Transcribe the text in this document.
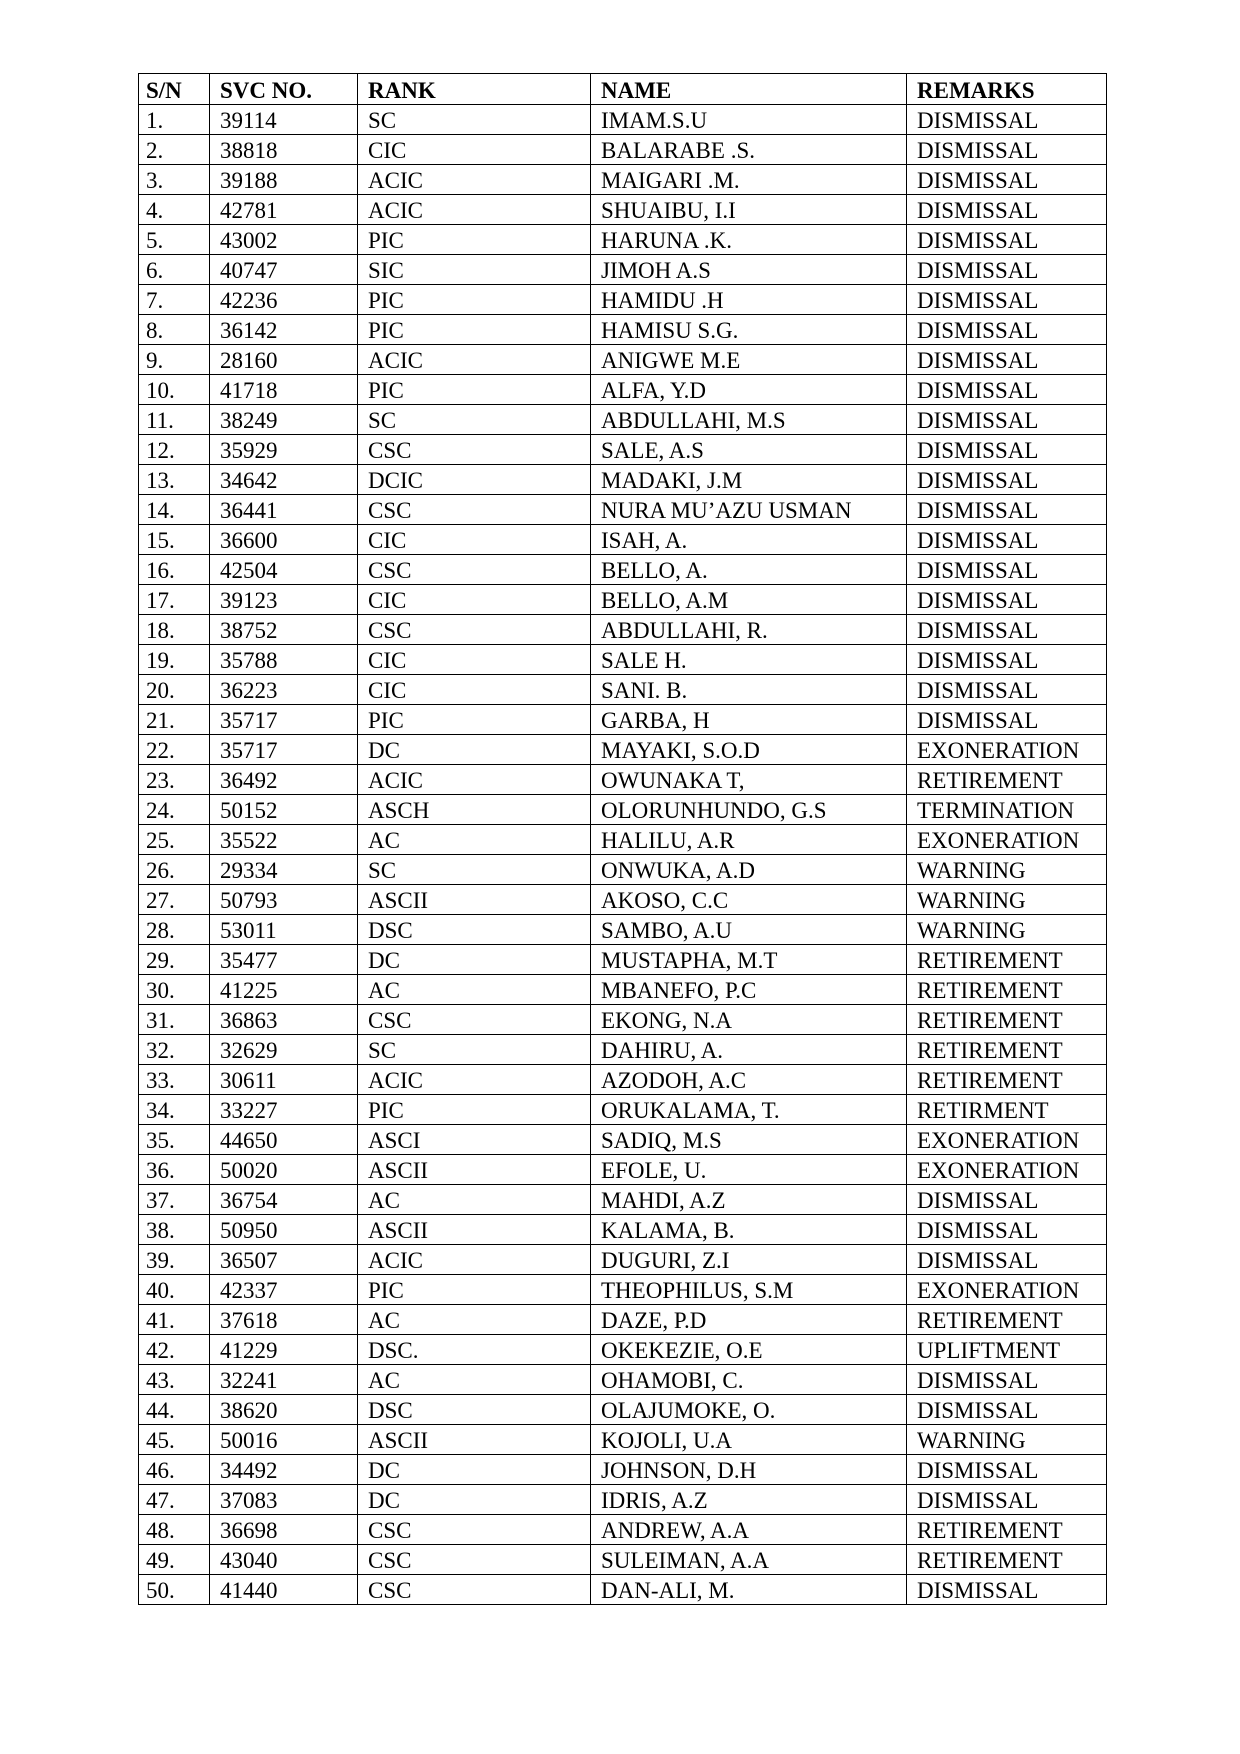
S/N	SVC NO.	RANK	NAME	REMARKS
1.	39114	SC	IMAM.S.U	DISMISSAL
2.	38818	CIC	BALARABE .S.	DISMISSAL
3.	39188	ACIC	MAIGARI .M.	DISMISSAL
4.	42781	ACIC	SHUAIBU, I.I	DISMISSAL
5.	43002	PIC	HARUNA .K.	DISMISSAL
6.	40747	SIC	JIMOH A.S	DISMISSAL
7.	42236	PIC	HAMIDU .H	DISMISSAL
8.	36142	PIC	HAMISU S.G.	DISMISSAL
9.	28160	ACIC	ANIGWE M.E	DISMISSAL
10.	41718	PIC	ALFA, Y.D	DISMISSAL
11.	38249	SC	ABDULLAHI, M.S	DISMISSAL
12.	35929	CSC	SALE, A.S	DISMISSAL
13.	34642	DCIC	MADAKI, J.M	DISMISSAL
14.	36441	CSC	NURA MU’AZU USMAN	DISMISSAL
15.	36600	CIC	ISAH, A.	DISMISSAL
16.	42504	CSC	BELLO, A.	DISMISSAL
17.	39123	CIC	BELLO, A.M	DISMISSAL
18.	38752	CSC	ABDULLAHI, R.	DISMISSAL
19.	35788	CIC	SALE H.	DISMISSAL
20.	36223	CIC	SANI. B.	DISMISSAL
21.	35717	PIC	GARBA, H	DISMISSAL
22.	35717	DC	MAYAKI, S.O.D	EXONERATION
23.	36492	ACIC	OWUNAKA T,	RETIREMENT
24.	50152	ASCH	OLORUNHUNDO, G.S	TERMINATION
25.	35522	AC	HALILU, A.R	EXONERATION
26.	29334	SC	ONWUKA, A.D	WARNING
27.	50793	ASCII	AKOSO, C.C	WARNING
28.	53011	DSC	SAMBO, A.U	WARNING
29.	35477	DC	MUSTAPHA, M.T	RETIREMENT
30.	41225	AC	MBANEFO, P.C	RETIREMENT
31.	36863	CSC	EKONG, N.A	RETIREMENT
32.	32629	SC	DAHIRU, A.	RETIREMENT
33.	30611	ACIC	AZODOH, A.C	RETIREMENT
34.	33227	PIC	ORUKALAMA, T.	RETIRMENT
35.	44650	ASCI	SADIQ, M.S	EXONERATION
36.	50020	ASCII	EFOLE, U.	EXONERATION
37.	36754	AC	MAHDI, A.Z	DISMISSAL
38.	50950	ASCII	KALAMA, B.	DISMISSAL
39.	36507	ACIC	DUGURI, Z.I	DISMISSAL
40.	42337	PIC	THEOPHILUS, S.M	EXONERATION
41.	37618	AC	DAZE, P.D	RETIREMENT
42.	41229	DSC.	OKEKEZIE, O.E	UPLIFTMENT
43.	32241	AC	OHAMOBI, C.	DISMISSAL
44.	38620	DSC	OLAJUMOKE, O.	DISMISSAL
45.	50016	ASCII	KOJOLI, U.A	WARNING
46.	34492	DC	JOHNSON, D.H	DISMISSAL
47.	37083	DC	IDRIS, A.Z	DISMISSAL
48.	36698	CSC	ANDREW, A.A	RETIREMENT
49.	43040	CSC	SULEIMAN, A.A	RETIREMENT
50.	41440	CSC	DAN-ALI, M.	DISMISSAL
